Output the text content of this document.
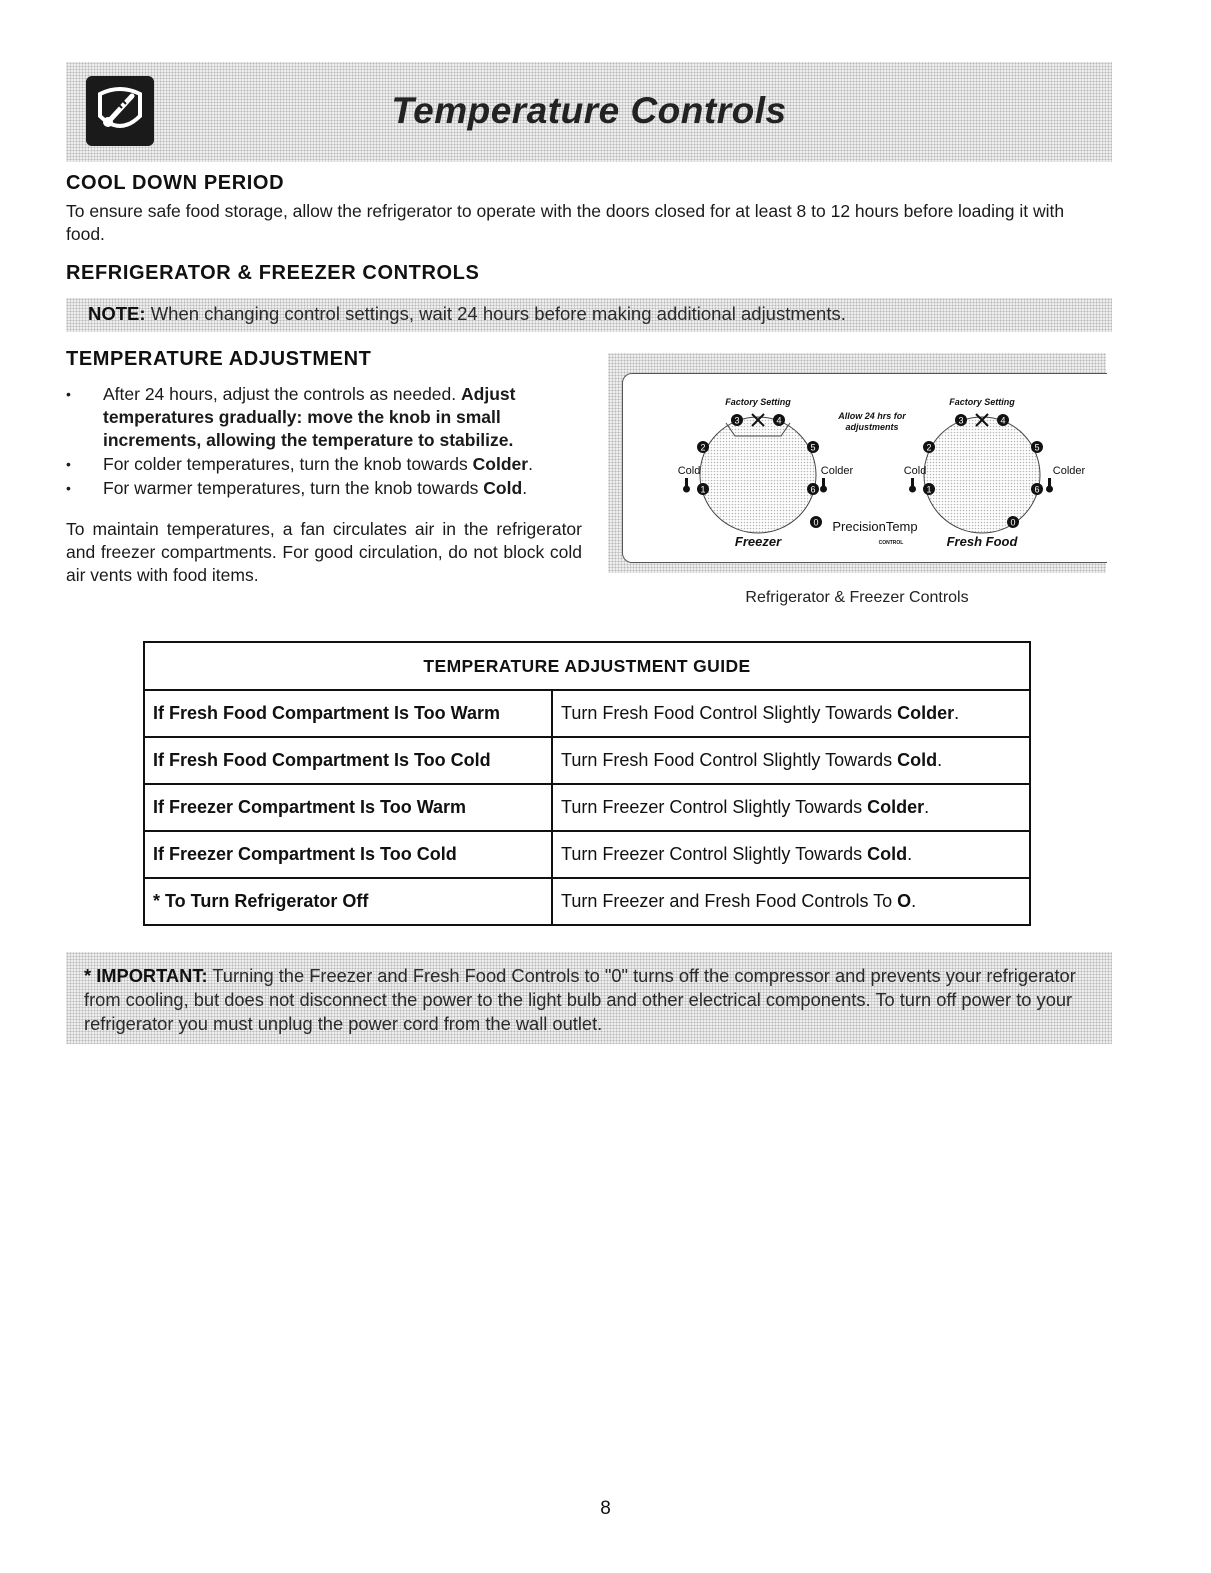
Temperature Controls
COOL DOWN PERIOD

To ensure safe food storage, allow the refrigerator to operate with the doors closed for at least 8 to 12 hours before loading it with food.

REFRIGERATOR & FREEZER CONTROLS
NOTE: When changing control settings, wait 24 hours before making additional adjustments.
TEMPERATURE ADJUSTMENT
• After 24 hours, adjust the controls as needed. Adjust temperatures gradually: move the knob in small increments, allowing the temperature to stabilize.
• For colder temperatures, turn the knob towards Colder.
• For warmer temperatures, turn the knob towards Cold.

To maintain temperatures, a fan circulates air in the refrigerator and freezer compartments. For good circulation, do not block cold air vents with food items.

3	4
2	5
1	6
0
3	4
2	5
1	6
0
Factory Setting	Factory Setting
Allow 24 hrs for
adjustments
Cold	Colder	Cold	Colder
PrecisionTemp
CONTROL
Freezer	Fresh Food
Refrigerator & Freezer Controls
TEMPERATURE ADJUSTMENT GUIDE	
If Fresh Food Compartment Is Too Warm	Turn Fresh Food Control Slightly Towards Colder.
If Fresh Food Compartment Is Too Cold	Turn Fresh Food Control Slightly Towards Cold.
If Freezer Compartment Is Too Warm	Turn Freezer Control Slightly Towards Colder.
If Freezer Compartment Is Too Cold	Turn Freezer Control Slightly Towards Cold.
* To Turn Refrigerator Off	Turn Freezer and Fresh Food Controls To O.
* IMPORTANT: Turning the Freezer and Fresh Food Controls to "0" turns off the compressor and prevents your refrigerator from cooling, but does not disconnect the power to the light bulb and other electrical components. To turn off power to your refrigerator you must unplug the power cord from the wall outlet.
8
